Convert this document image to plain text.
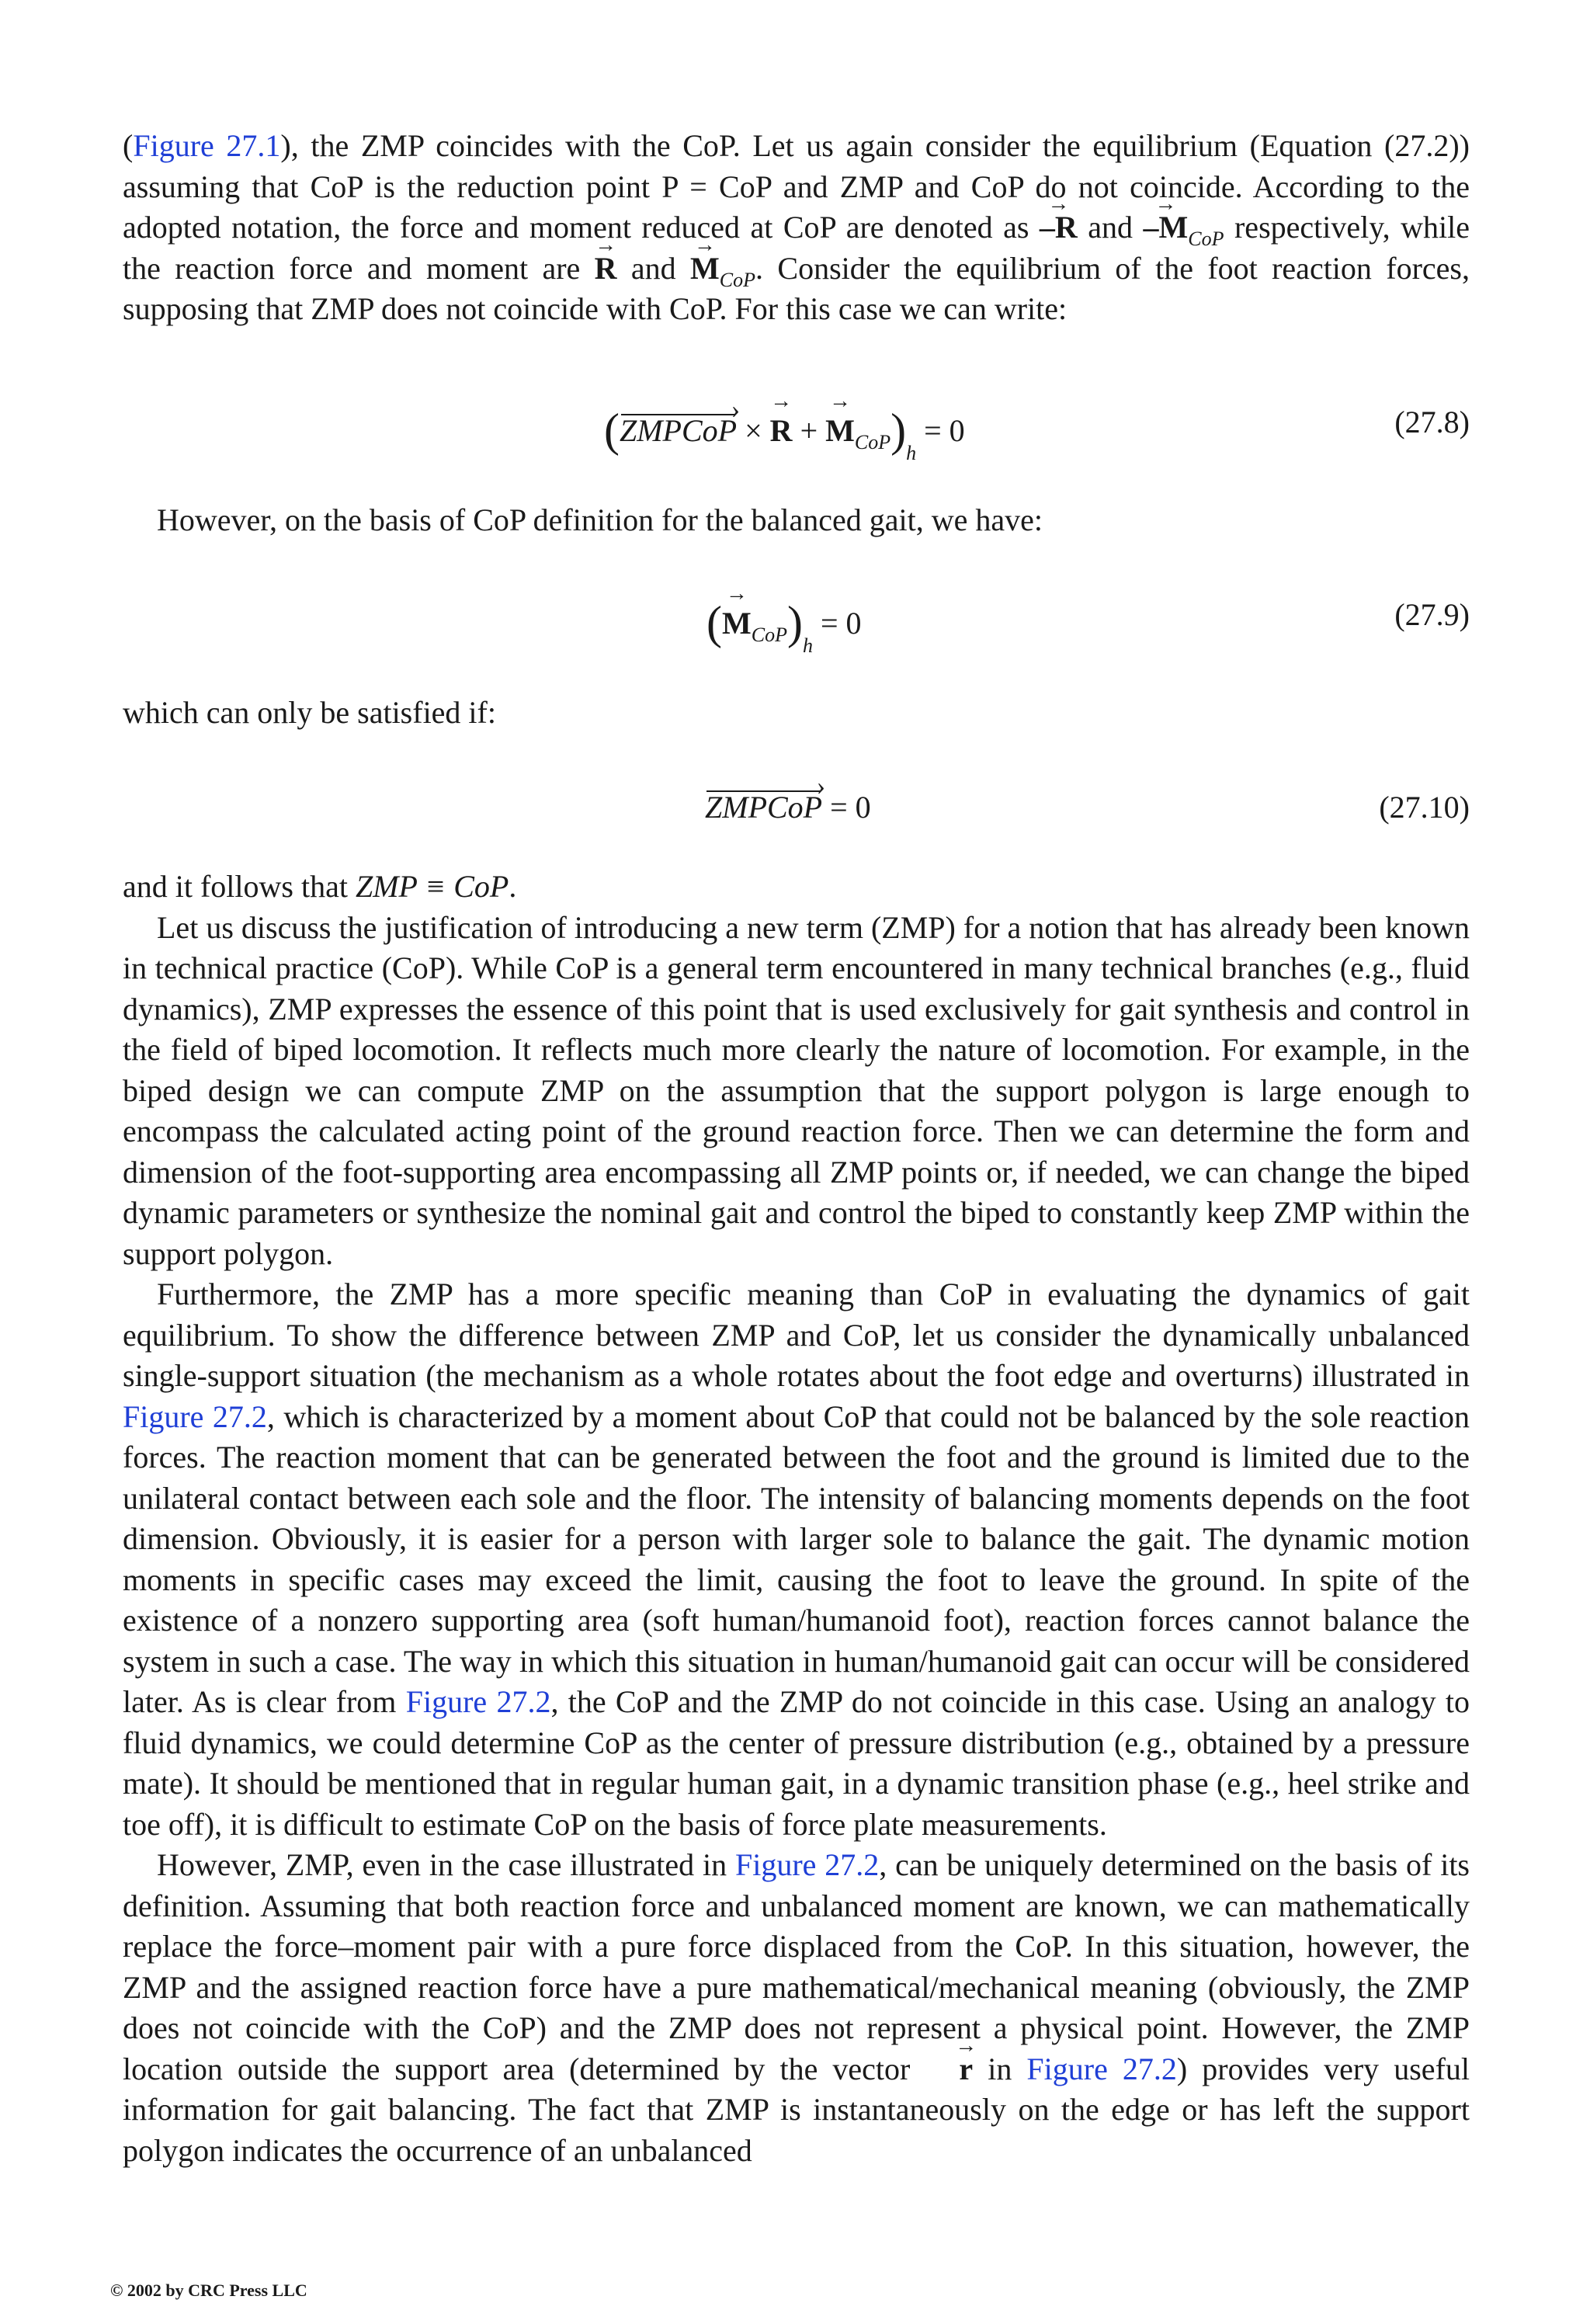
(Figure 27.1), the ZMP coincides with the CoP. Let us again consider the equilibrium (Equation (27.2)) assuming that CoP is the reduction point P = CoP and ZMP and CoP do not coincide. According to the adopted notation, the force and moment reduced at CoP are denoted as → –R and → $-M_{CoP}$ respectively, while the reaction force and moment are → R and → $M_{CoP}$. Consider the equilibrium of the foot reaction forces, supposing that ZMP does not coincide with CoP. For this case we can write:

(ZMPCoP › × → R + → $M_{CoP})_h = 0$	(27.8)

However, on the basis of CoP definition for the balanced gait, we have:

(→ $M_{CoP})_h = 0$	(27.9)

which can only be satisfied if:

ZMPCoP › = 0	(27.10)

and it follows that ZMP ≡ CoP.

Let us discuss the justification of introducing a new term (ZMP) for a notion that has already been known in technical practice (CoP). While CoP is a general term encountered in many technical branches (e.g., fluid dynamics), ZMP expresses the essence of this point that is used exclusively for gait synthesis and control in the field of biped locomotion. It reflects much more clearly the nature of locomotion. For example, in the biped design we can compute ZMP on the assumption that the support polygon is large enough to encompass the calculated acting point of the ground reaction force. Then we can determine the form and dimension of the foot-supporting area encompassing all ZMP points or, if needed, we can change the biped dynamic parameters or synthesize the nominal gait and control the biped to constantly keep ZMP within the support polygon.

Furthermore, the ZMP has a more specific meaning than CoP in evaluating the dynamics of gait equilibrium. To show the difference between ZMP and CoP, let us consider the dynamically unbalanced single-support situation (the mechanism as a whole rotates about the foot edge and overturns) illustrated in Figure 27.2, which is characterized by a moment about CoP that could not be balanced by the sole reaction forces. The reaction moment that can be generated between the foot and the ground is limited due to the unilateral contact between each sole and the floor. The intensity of balancing moments depends on the foot dimension. Obviously, it is easier for a person with larger sole to balance the gait. The dynamic motion moments in specific cases may exceed the limit, causing the foot to leave the ground. In spite of the existence of a nonzero supporting area (soft human/humanoid foot), reaction forces cannot balance the system in such a case. The way in which this situation in human/humanoid gait can occur will be considered later. As is clear from Figure 27.2, the CoP and the ZMP do not coincide in this case. Using an analogy to fluid dynamics, we could determine CoP as the center of pressure distribution (e.g., obtained by a pressure mate). It should be mentioned that in regular human gait, in a dynamic transition phase (e.g., heel strike and toe off), it is difficult to estimate CoP on the basis of force plate measurements.

However, ZMP, even in the case illustrated in Figure 27.2, can be uniquely determined on the basis of its definition. Assuming that both reaction force and unbalanced moment are known, we can mathematically replace the force–moment pair with a pure force displaced from the CoP. In this situation, however, the ZMP and the assigned reaction force have a pure mathematical/mechanical meaning (obviously, the ZMP does not coincide with the CoP) and the ZMP does not represent a physical point. However, the ZMP location outside the support area (determined by the vector → r in Figure 27.2) provides very useful information for gait balancing. The fact that ZMP is instantaneously on the edge or has left the support polygon indicates the occurrence of an unbalanced

© 2002 by CRC Press LLC
